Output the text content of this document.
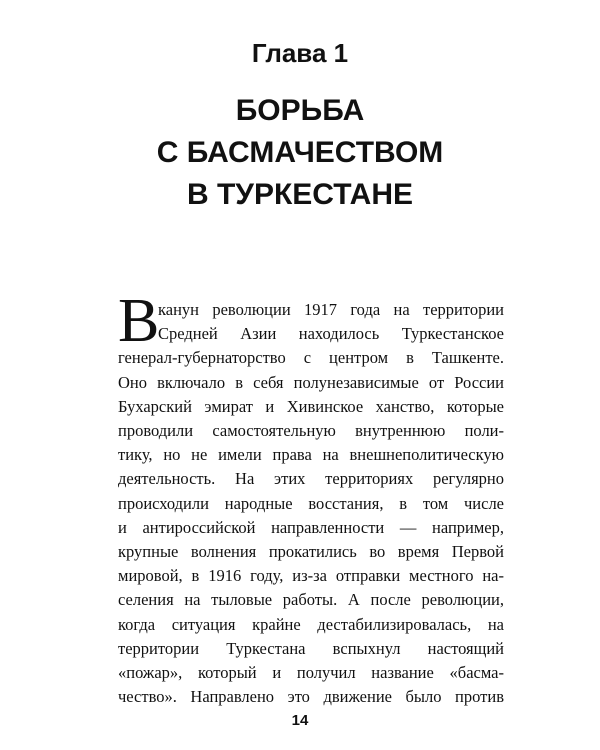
Глава 1
БОРЬБА
С БАСМАЧЕСТВОМ
В ТУРКЕСТАНЕ
В
канун революции 1917 года на территории
Средней Азии находилось Туркестанское
генерал-губернаторство с центром в Ташкенте.
Оно включало в себя полунезависимые от России
Бухарский эмират и Хивинское ханство, которые
проводили самостоятельную внутреннюю поли-
тику, но не имели права на внешнеполитическую
деятельность. На этих территориях регулярно
происходили народные восстания, в том числе
и антироссийской направленности — например,
крупные волнения прокатились во время Первой
мировой, в 1916 году, из-за отправки местного на-
селения на тыловые работы. А после революции,
когда ситуация крайне дестабилизировалась, на
территории Туркестана вспыхнул настоящий
«пожар», который и получил название «басма-
чество». Направлено это движение было против
14
